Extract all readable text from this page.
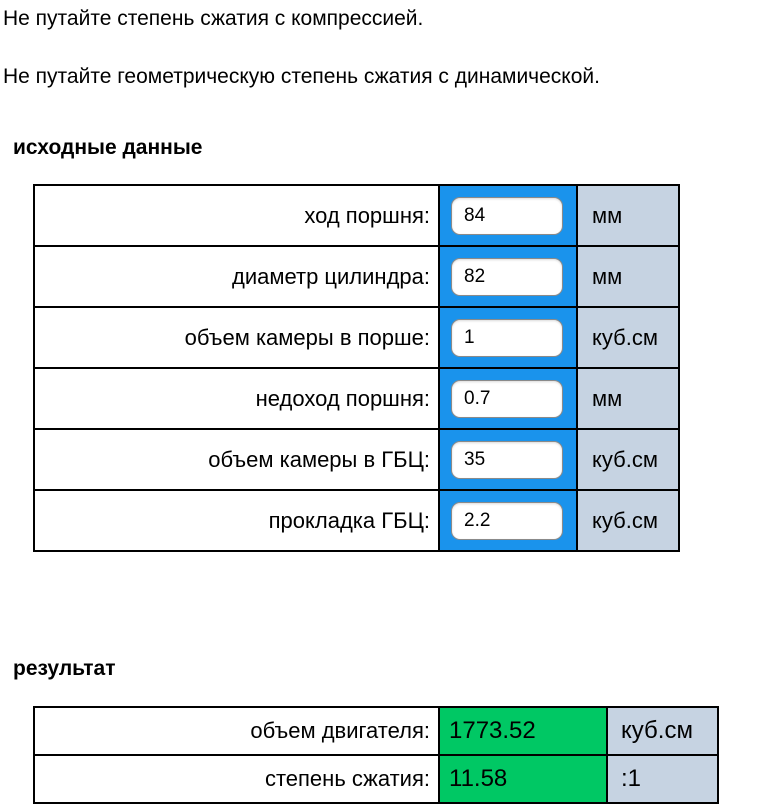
Не путайте степень сжатия с компрессией.
Не путайте геометрическую степень сжатия с динамической.
исходные данные
ход поршня:	
84	мм
диаметр цилиндра:	
82	мм
объем камеры в порше:	
1	куб.см
недоход поршня:	
0.7	мм
объем камеры в ГБЦ:	
35	куб.см
прокладка ГБЦ:	
2.2	куб.см
результат
объем двигателя:	1773.52	куб.см
степень сжатия:	11.58	:1
